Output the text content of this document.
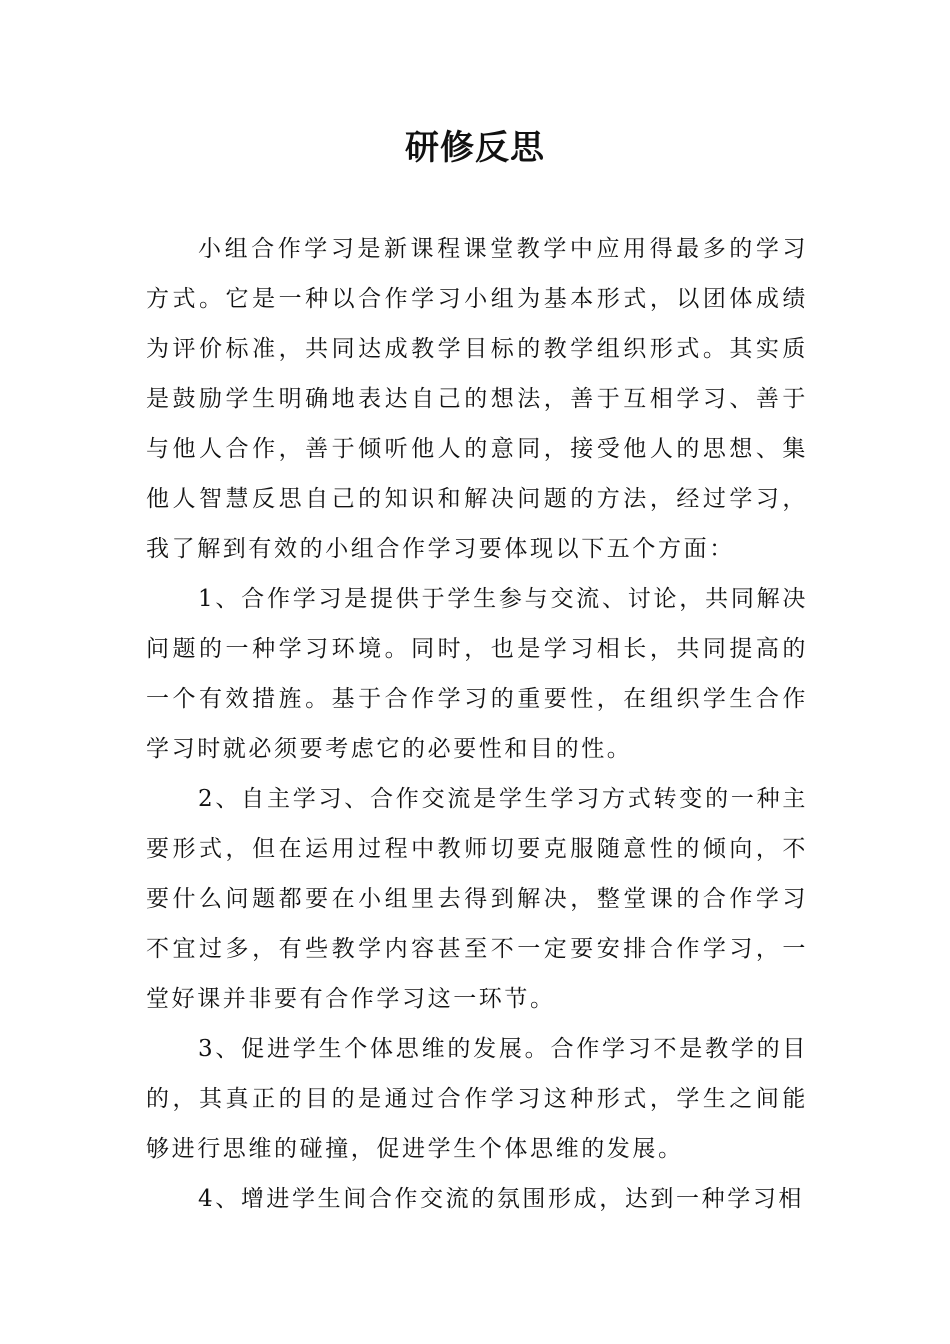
研修反思

小组合作学习是新课程课堂教学中应用得最多的学习方式。它是一种以合作学习小组为基本形式，以团体成绩为评价标准，共同达成教学目标的教学组织形式。其实质是鼓励学生明确地表达自己的想法，善于互相学习、善于与他人合作，善于倾听他人的意同，接受他人的思想、集他人智慧反思自己的知识和解决问题的方法，经过学习，我了解到有效的小组合作学习要体现以下五个方面：

1、合作学习是提供于学生参与交流、讨论，共同解决问题的一种学习环境。同时，也是学习相长，共同提高的一个有效措旌。基于合作学习的重要性，在组织学生合作学习时就必须要考虑它的必要性和目的性。

2、自主学习、合作交流是学生学习方式转变的一种主要形式，但在运用过程中教师切要克服随意性的倾向，不要什么问题都要在小组里去得到解决，整堂课的合作学习不宜过多，有些教学内容甚至不一定要安排合作学习，一堂好课并非要有合作学习这一环节。

3、促进学生个体思维的发展。合作学习不是教学的目的，其真正的目的是通过合作学习这种形式，学生之间能够进行思维的碰撞，促进学生个体思维的发展。

4、增进学生间合作交流的氛围形成，达到一种学习相
